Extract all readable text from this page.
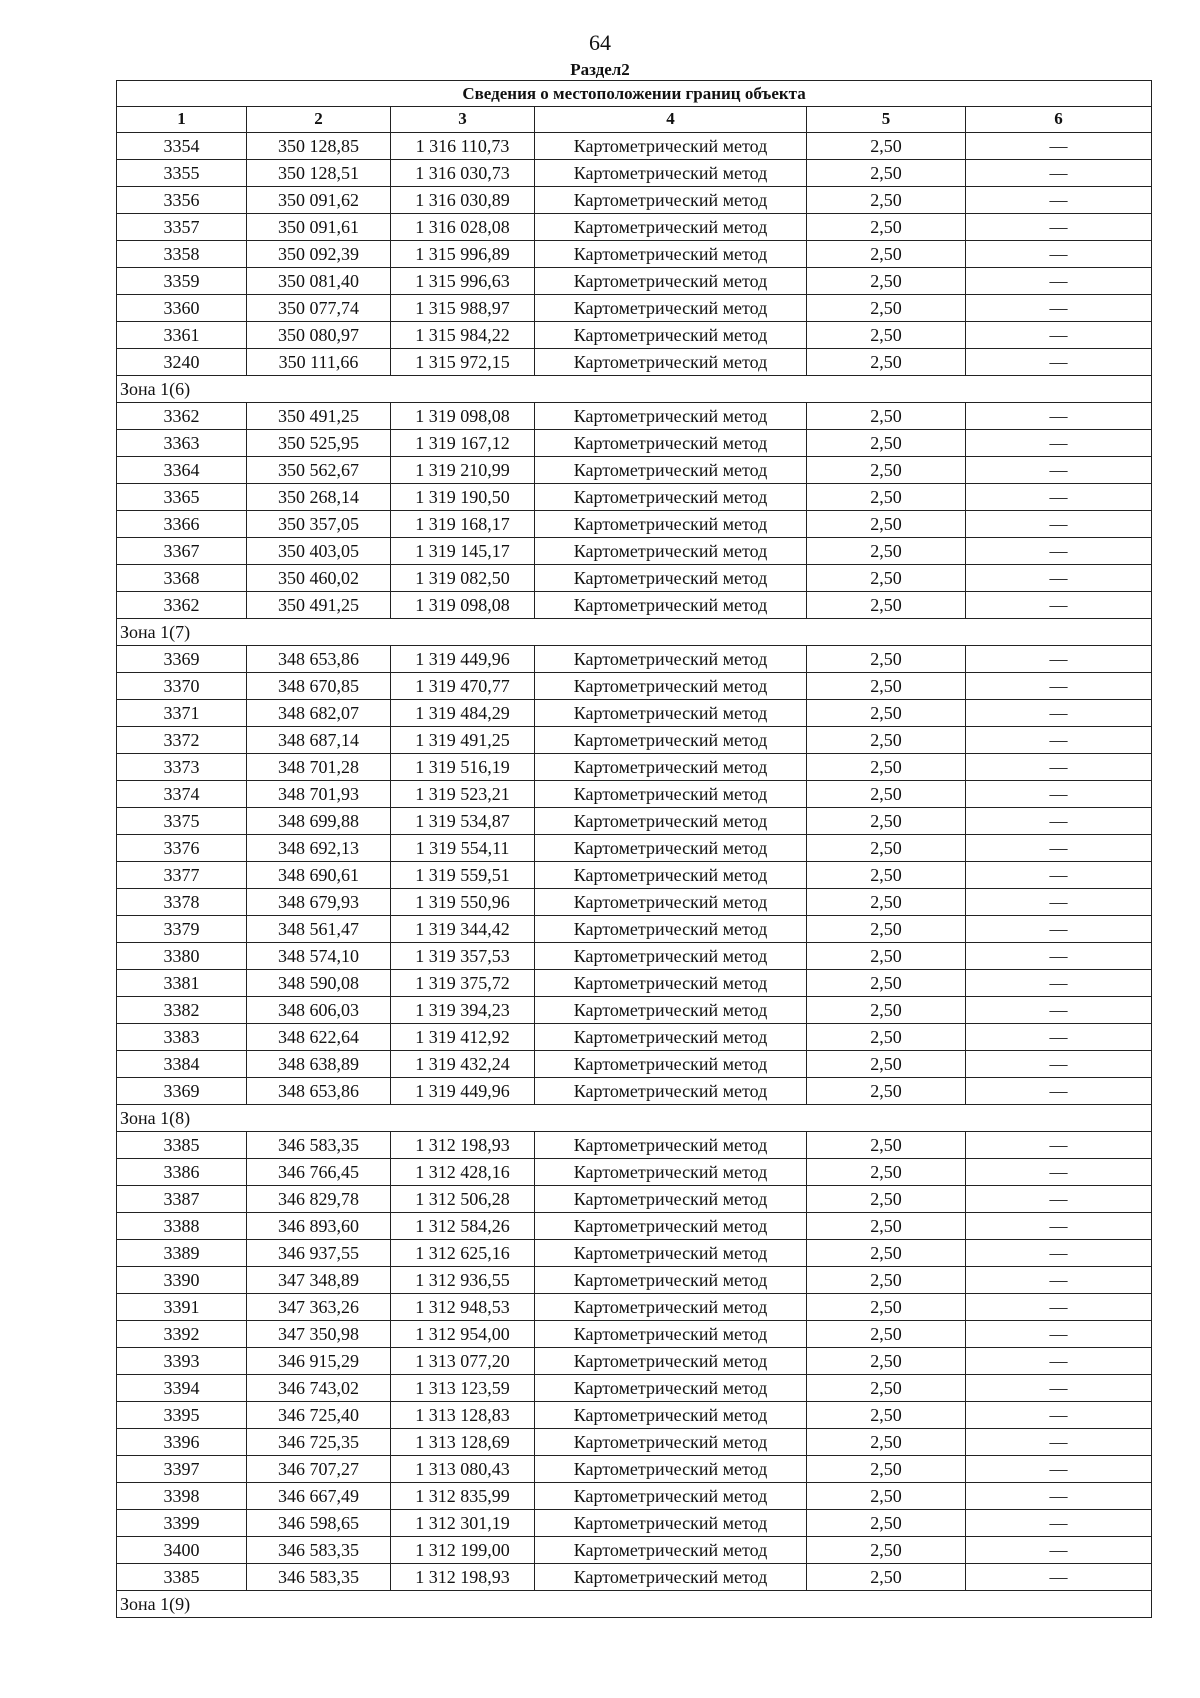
64
Раздел2
Сведения о местоположении границ объекта					
1	2	3	4	5	6
3354	350 128,85	1 316 110,73	Картометрический метод	2,50	—
3355	350 128,51	1 316 030,73	Картометрический метод	2,50	—
3356	350 091,62	1 316 030,89	Картометрический метод	2,50	—
3357	350 091,61	1 316 028,08	Картометрический метод	2,50	—
3358	350 092,39	1 315 996,89	Картометрический метод	2,50	—
3359	350 081,40	1 315 996,63	Картометрический метод	2,50	—
3360	350 077,74	1 315 988,97	Картометрический метод	2,50	—
3361	350 080,97	1 315 984,22	Картометрический метод	2,50	—
3240	350 111,66	1 315 972,15	Картометрический метод	2,50	—
Зона 1(6)					
3362	350 491,25	1 319 098,08	Картометрический метод	2,50	—
3363	350 525,95	1 319 167,12	Картометрический метод	2,50	—
3364	350 562,67	1 319 210,99	Картометрический метод	2,50	—
3365	350 268,14	1 319 190,50	Картометрический метод	2,50	—
3366	350 357,05	1 319 168,17	Картометрический метод	2,50	—
3367	350 403,05	1 319 145,17	Картометрический метод	2,50	—
3368	350 460,02	1 319 082,50	Картометрический метод	2,50	—
3362	350 491,25	1 319 098,08	Картометрический метод	2,50	—
Зона 1(7)					
3369	348 653,86	1 319 449,96	Картометрический метод	2,50	—
3370	348 670,85	1 319 470,77	Картометрический метод	2,50	—
3371	348 682,07	1 319 484,29	Картометрический метод	2,50	—
3372	348 687,14	1 319 491,25	Картометрический метод	2,50	—
3373	348 701,28	1 319 516,19	Картометрический метод	2,50	—
3374	348 701,93	1 319 523,21	Картометрический метод	2,50	—
3375	348 699,88	1 319 534,87	Картометрический метод	2,50	—
3376	348 692,13	1 319 554,11	Картометрический метод	2,50	—
3377	348 690,61	1 319 559,51	Картометрический метод	2,50	—
3378	348 679,93	1 319 550,96	Картометрический метод	2,50	—
3379	348 561,47	1 319 344,42	Картометрический метод	2,50	—
3380	348 574,10	1 319 357,53	Картометрический метод	2,50	—
3381	348 590,08	1 319 375,72	Картометрический метод	2,50	—
3382	348 606,03	1 319 394,23	Картометрический метод	2,50	—
3383	348 622,64	1 319 412,92	Картометрический метод	2,50	—
3384	348 638,89	1 319 432,24	Картометрический метод	2,50	—
3369	348 653,86	1 319 449,96	Картометрический метод	2,50	—
Зона 1(8)					
3385	346 583,35	1 312 198,93	Картометрический метод	2,50	—
3386	346 766,45	1 312 428,16	Картометрический метод	2,50	—
3387	346 829,78	1 312 506,28	Картометрический метод	2,50	—
3388	346 893,60	1 312 584,26	Картометрический метод	2,50	—
3389	346 937,55	1 312 625,16	Картометрический метод	2,50	—
3390	347 348,89	1 312 936,55	Картометрический метод	2,50	—
3391	347 363,26	1 312 948,53	Картометрический метод	2,50	—
3392	347 350,98	1 312 954,00	Картометрический метод	2,50	—
3393	346 915,29	1 313 077,20	Картометрический метод	2,50	—
3394	346 743,02	1 313 123,59	Картометрический метод	2,50	—
3395	346 725,40	1 313 128,83	Картометрический метод	2,50	—
3396	346 725,35	1 313 128,69	Картометрический метод	2,50	—
3397	346 707,27	1 313 080,43	Картометрический метод	2,50	—
3398	346 667,49	1 312 835,99	Картометрический метод	2,50	—
3399	346 598,65	1 312 301,19	Картометрический метод	2,50	—
3400	346 583,35	1 312 199,00	Картометрический метод	2,50	—
3385	346 583,35	1 312 198,93	Картометрический метод	2,50	—
Зона 1(9)					
